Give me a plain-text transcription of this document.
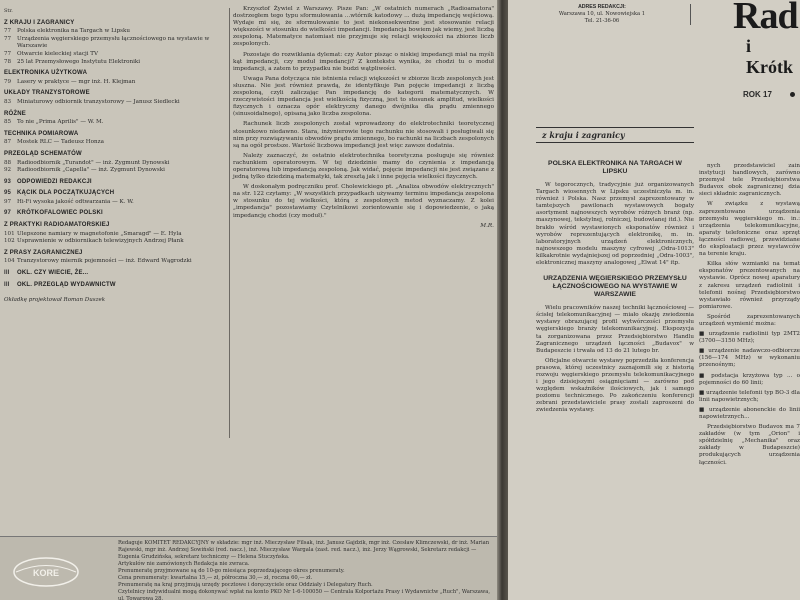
Str.
Z KRAJU I ZAGRANICY
77	Polska elektronika na Targach w Lipsku
77	Urządzenia węgierskiego przemysłu łącznościowego na wystawie w Warszawie
77	Otwarcie kieleckiej stacji TV
78	25 lat Przemysłowego Instytutu Elektroniki
ELEKTRONIKA UŻYTKOWA
79	Lasery w praktyce — mgr inż. H. Klejman
UKŁADY TRANZYSTOROWE
83	Miniaturowy odbiornik tranzystorowy — Janusz Siedlecki
RÓŻNE
85	To nie „Prima Aprilis" — W. M.
TECHNIKA POMIAROWA
87	Mostek RLC — Tadeusz Honza
PRZEGLĄD SCHEMATÓW
88	Radioodbiornik „Turandot" — inż. Zygmunt Dynowski
92	Radioodbiornik „Capella" — inż. Zygmunt Dynowski
93 ODPOWIEDZI REDAKCJI
95 KĄCIK DLA POCZĄTKUJĄCYCH
97	Hi-Fi wysoka jakość odtwarzania — K. W.
97 KRÓTKOFALOWIEC POLSKI
Z PRAKTYKI RADIOAMATORSKIEJ
101 Ulepszone namiary w magnetofonie „Smaragd" — E. Hyla
102 Usprawnienie w odbiornikach telewizyjnych Andrzej Płank
Z PRASY ZAGRANICZNEJ
104 Tranzystorowy miernik pojemności — inż. Edward Wągrodzki
III	OKL. CZY WIECIE, ŻE...
III	OKL. PRZEGLĄD WYDAWNICTW
Okładkę projektował Roman Duszek

Krzysztof Żywiel z Warszawy. Pisze Pan: „W ostatnich numerach „Radioamatora" dostrzegłem tego typu sformułowania ...wtórnik katodowy ... dużą impedancję wejściową. Wydaje mi się, że sformułowanie to jest niekonsekwentne jest stosowanie relacji większości w stosunku do wielkości impedancji. Impedancja bowiem jak wiemy, jest liczbą zespoloną. Matematyce natomiast nie przyjmuje się relacji większości na zbiorze liczb zespolonych.

Pozostaje do rozwikłania dylemat: czy Autor pisząc o niskiej impedancji miał na myśli kąt impedancji, czy moduł impedancji? Z kontekstu wynika, że chodzi tu o moduł impedancji, a zatem to przypadku nie budzi wątpliwości.

Uwaga Pana dotycząca nie istnienia relacji większości w zbiorze liczb zespolonych jest słuszna. Nie jest również prawdą, że identyfikuje Pan pojęcie impedancji z liczbą zespoloną, czyli zaliczając Pan impedancję do kategorii matematycznych. W rzeczywistości impedancja jest wielkością fizyczną, jest to stosunek amplitud, wielkości fizycznych i oznacza opór elektryczny danego dwójnika dla prądu zmiennego (sinusoidalnego), opisaną jako liczba zespolona.

Rachunek liczb zespolonych został wprowadzony do elektrotechniki teoretycznej stosunkowo niedawno. Stara, inżynierowie tego rachunku nie stosowali i posługiwali się nim przy rozwiązywaniu obwodów prądu zmiennego, bo rachunki na liczbach zespolonych są na ogół prostsze. Wartość liczbowa impedancji jest więc zawsze dodatnia.

Należy zaznaczyć, że ostatnio elektrotechnika teoretyczna posługuje się również rachunkiem operatorowym. W tej dziedzinie mamy do czynienia z impedancją operatorową lub impedancją zespoloną. Jak widać, pojęcie impedancji nie jest związane z jedną tylko dziedziną matematyki, tak zresztą jak i inne pojęcia wielkości fizycznych.

W doskonałym podręczniku prof. Cholewickiego pt. „Analiza obwodów elektrycznych" na str. 122 czytamy: „W wszystkich przypadkach używamy terminu impedancja zespolona w stosunku do tej wielkości, którą z zespolonych metod wyznaczamy. Z kolei „impedancja" pozostawiamy Czytelnikowi zorientowanie się i dopowiedzenie, o jaką impedancję chodzi (czy moduł)."

M.R.
KORE
Redaguje KOMITET REDAKCYJNY w składzie: mgr inż. Mieczysław Filsak, inż. Janusz Gajdzik, mgr inż. Czesław Klimczewski, dr inż. Marian Rajewski, mgr inż. Andrzej Sowiński (red. nacz.), inż. Mieczysław Wargala (zast. red. nacz.), inż. Jerzy Wągrowski, Sekretarz redakcji — Eugenia Grudzińska, sekretarz techniczny — Helena Stuczyńska.
Artykułów nie zamówionych Redakcja nie zwraca.
Prenumeratę przyjmowane są do 10-go miesiąca poprzedzającego okres prenumeraty.
Cena prenumeraty: kwartalna 15,— zł, półroczna 30,— zł, roczna 60,— zł.
Prenumeratę na kraj przyjmują urzędy pocztowe i doręczyciele oraz Oddziały i Delegatury Ruch.
Czytelnicy indywidualni mogą dokonywać wpłat na konto PKO Nr 1-6-100050 — Centrala Kolportażu Prasy i Wydawnictw „Ruch", Warszawa, ul. Towarowa 28.
ADRES REDAKCJI:
Warszawa 10, ul. Nowowiejska 1
Tel. 21-36-06	Rad
i Krótk
ROK 17
z kraju i zagranicy
POLSKA ELEKTRONIKA NA TARGACH W LIPSKU

W tegorocznych, tradycyjnie już organizowanych Targach wiosennych w Lipsku uczestniczyła m. in. również i Polska. Nasz przemysł zaprezentowany w tamtejszych pawilonach wystawowych bogaty asortyment najnowszych wyrobów różnych branż (np. maszynowej, tekstylnej, rolniczej, budowlanej itd.). Nie brakło wśród wystawionych eksponatów również i wyrobów reprezentujących elektronikę, m. in. laboratoryjnych urządzeń elektronicznych, najnowszego modelu maszyny cyfrowej „Odra-1013" kilkakrotnie wydajniejszej od poprzedniej „Odra-1003", elektronicznej maszyny analogowej „Elwat 14" itp.

URZĄDZENIA WĘGIERSKIEGO PRZEMYSŁU ŁĄCZNOŚCIOWEGO NA WYSTAWIE W WARSZAWIE

Wielu pracowników naszej techniki łącznościowej — ścisłej telekomunikacyjnej — miało okazję zwiedzenia wystawy obrazującej profil wytwórczości przemysłu węgierskiego branży telekomunikacyjnej. Ekspozycja ta zorganizowana przez Przedsiębiorstwo Handlu Zagranicznego urządzeń łączności „Budavox" w Budapeszcie i trwała od 13 do 21 lutego br.

Oficjalne otwarcie wystawy poprzedziła konferencja prasowa, której uczestnicy zaznajomili się z historią rozwoju węgierskiego przemysłu telekomunikacyjnego i jego dzisiejszymi osiągnięciami — zarówno pod względem wskaźników ilościowych, jak i samego poziomu technicznego. Po zakończeniu konferencji zebrani przedstawiciele prasy zostali zaproszeni do zwiedzenia wystawy.

nych przedstawiciel zain instytucji handlowych, zarówno przemysł tele Przedsiębiorstwa Budavox obok zagranicznej dzia sieci składnic zagranicznych.

W związku z wystawą zaprezentowano urządzenia przemysłu węgierskiego m. in.: urządzenia telekomunikacyjne, aparaty telefoniczne oraz sprzęt łączności radiowej, przewidziane do eksploatacji przez wystawców na terenie kraju.

Kilka słów wzmianki na temat eksponatów prezentowanych na wystawie. Oprócz nowej aparatury z zakresu urządzeń radiolinii i telefonii nośnej Przedsiębiorstwo wystawiało również przyrządy pomiarowe.

Spośród zaprezentowanych urządzeń wymienić można:

■ urządzenie radiolinii typ 2MT2 (3700—3150 MHz);

■ urządzenie nadawczo-odbiorcze (156—174 MHz) w wykonaniu przenośnym;

■ podstacja krzyżowa typ ... o pojemności do 60 linii;

■ urządzenie telefonii typ BO-3 dla linii napowietrznych;

■ urządzenie abonenckie do linii napowietrznych...

Przedsiębiorstwo Budavox ma 7 zakładów (w tym „Orion" i spółdzielnię „Mechanika" oraz zakłady w Budapeszcie) produkujących urządzenia łączności.
